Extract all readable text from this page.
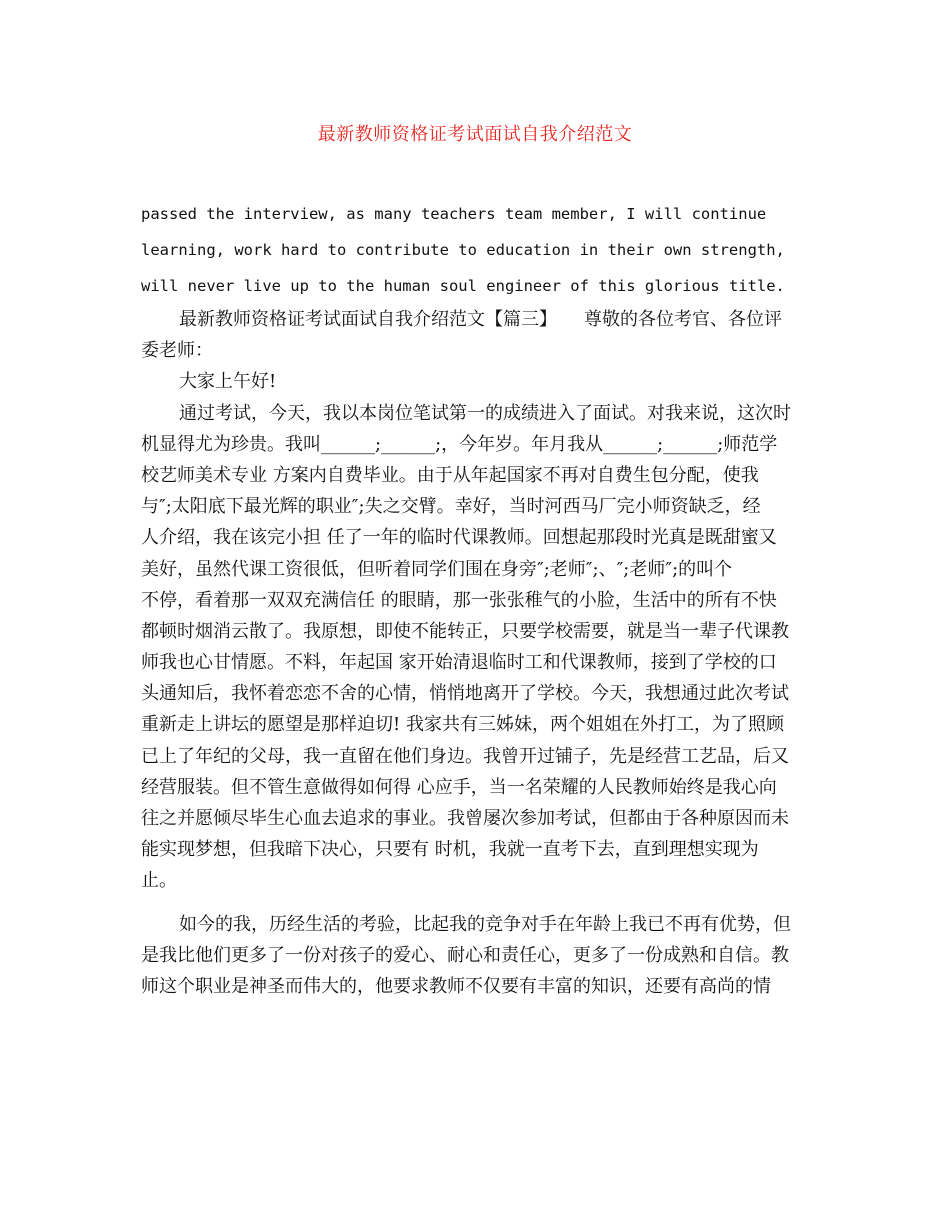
最新教师资格证考试面试自我介绍范文
passed the interview, as many teachers team member, I will continue
learning, work hard to contribute to education in their own strength,
will never live up to the human soul engineer of this glorious title.
最新教师资格证考试面试自我介绍范文【篇三】　　尊敬的各位考官、各位评
委老师：
大家上午好!
通过考试，今天，我以本岗位笔试第一的成绩进入了面试。对我来说，这次时
机显得尤为珍贵。我叫______;______;，今年岁。年月我从______;______;师范学
校艺师美术专业 方案内自费毕业。由于从年起国家不再对自费生包分配，使我
与″;太阳底下最光辉的职业″;失之交臂。幸好，当时河西马厂完小师资缺乏，经
人介绍，我在该完小担 任了一年的临时代课教师。回想起那段时光真是既甜蜜又
美好，虽然代课工资很低，但听着同学们围在身旁″;老师″;、″;老师″;的叫个
不停，看着那一双双充满信任 的眼睛，那一张张稚气的小脸，生活中的所有不快
都顿时烟消云散了。我原想，即使不能转正，只要学校需要，就是当一辈子代课教
师我也心甘情愿。不料，年起国 家开始清退临时工和代课教师，接到了学校的口
头通知后，我怀着恋恋不舍的心情，悄悄地离开了学校。今天，我想通过此次考试
重新走上讲坛的愿望是那样迫切! 我家共有三姊妹，两个姐姐在外打工，为了照顾
已上了年纪的父母，我一直留在他们身边。我曾开过铺子，先是经营工艺品，后又
经营服装。但不管生意做得如何得 心应手，当一名荣耀的人民教师始终是我心向
往之并愿倾尽毕生心血去追求的事业。我曾屡次参加考试，但都由于各种原因而未
能实现梦想，但我暗下决心，只要有 时机，我就一直考下去，直到理想实现为
止。
如今的我，历经生活的考验，比起我的竞争对手在年龄上我已不再有优势，但
是我比他们更多了一份对孩子的爱心、耐心和责任心，更多了一份成熟和自信。教
师这个职业是神圣而伟大的，他要求教师不仅要有丰富的知识，还要有高尚的情
